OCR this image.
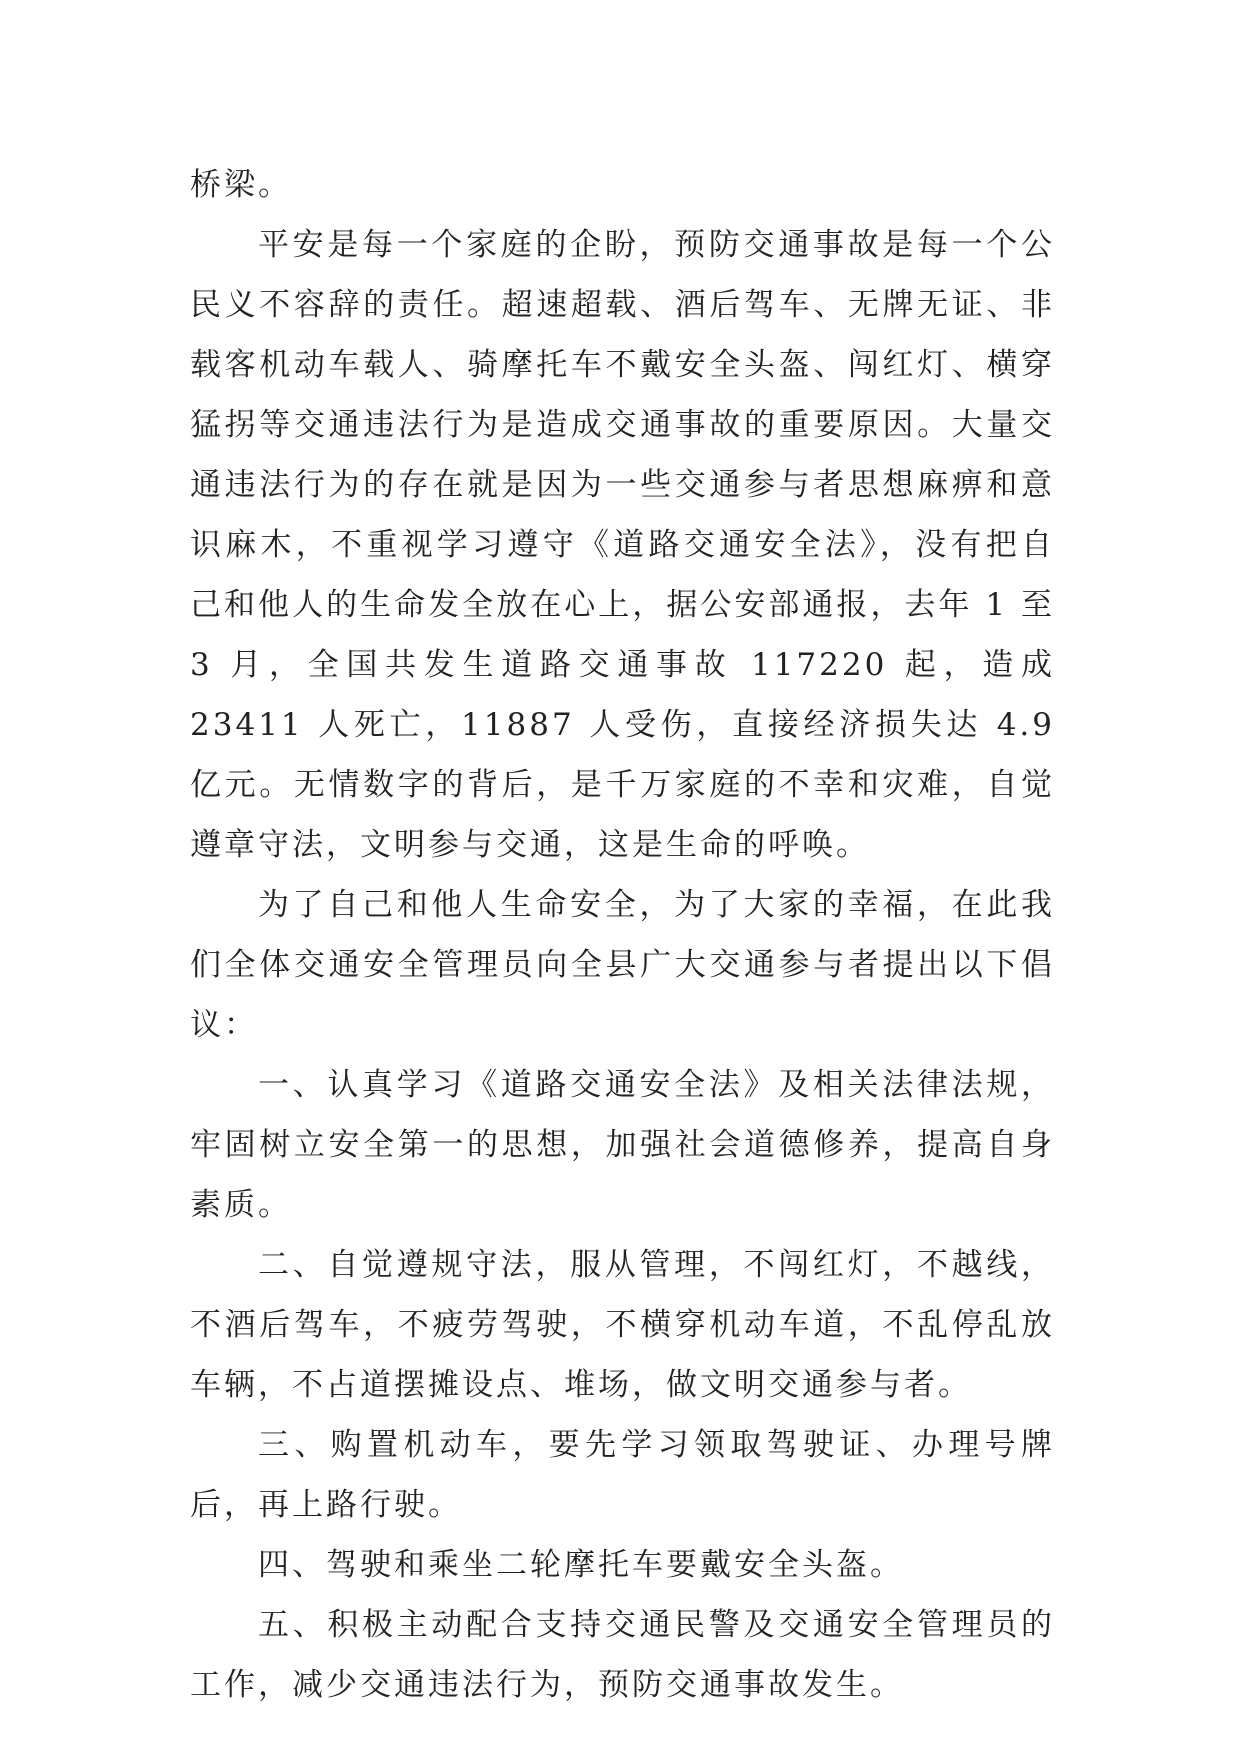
桥梁。

平安是每一个家庭的企盼，预防交通事故是每一个公民义不容辞的责任。超速超载、酒后驾车、无牌无证、非载客机动车载人、骑摩托车不戴安全头盔、闯红灯、横穿猛拐等交通违法行为是造成交通事故的重要原因。大量交通违法行为的存在就是因为一些交通参与者思想麻痹和意识麻木，不重视学习遵守《道路交通安全法》，没有把自己和他人的生命发全放在心上，据公安部通报，去年 1 至 3 月，全国共发生道路交通事故 117220 起，造成 23411 人死亡，11887 人受伤，直接经济损失达 4.9 亿元。无情数字的背后，是千万家庭的不幸和灾难，自觉遵章守法，文明参与交通，这是生命的呼唤。

为了自己和他人生命安全，为了大家的幸福，在此我们全体交通安全管理员向全县广大交通参与者提出以下倡议：

一、认真学习《道路交通安全法》及相关法律法规，牢固树立安全第一的思想，加强社会道德修养，提高自身素质。

二、自觉遵规守法，服从管理，不闯红灯，不越线，不酒后驾车，不疲劳驾驶，不横穿机动车道，不乱停乱放车辆，不占道摆摊设点、堆场，做文明交通参与者。

三、购置机动车，要先学习领取驾驶证、办理号牌后，再上路行驶。

四、驾驶和乘坐二轮摩托车要戴安全头盔。

五、积极主动配合支持交通民警及交通安全管理员的工作，减少交通违法行为，预防交通事故发生。
